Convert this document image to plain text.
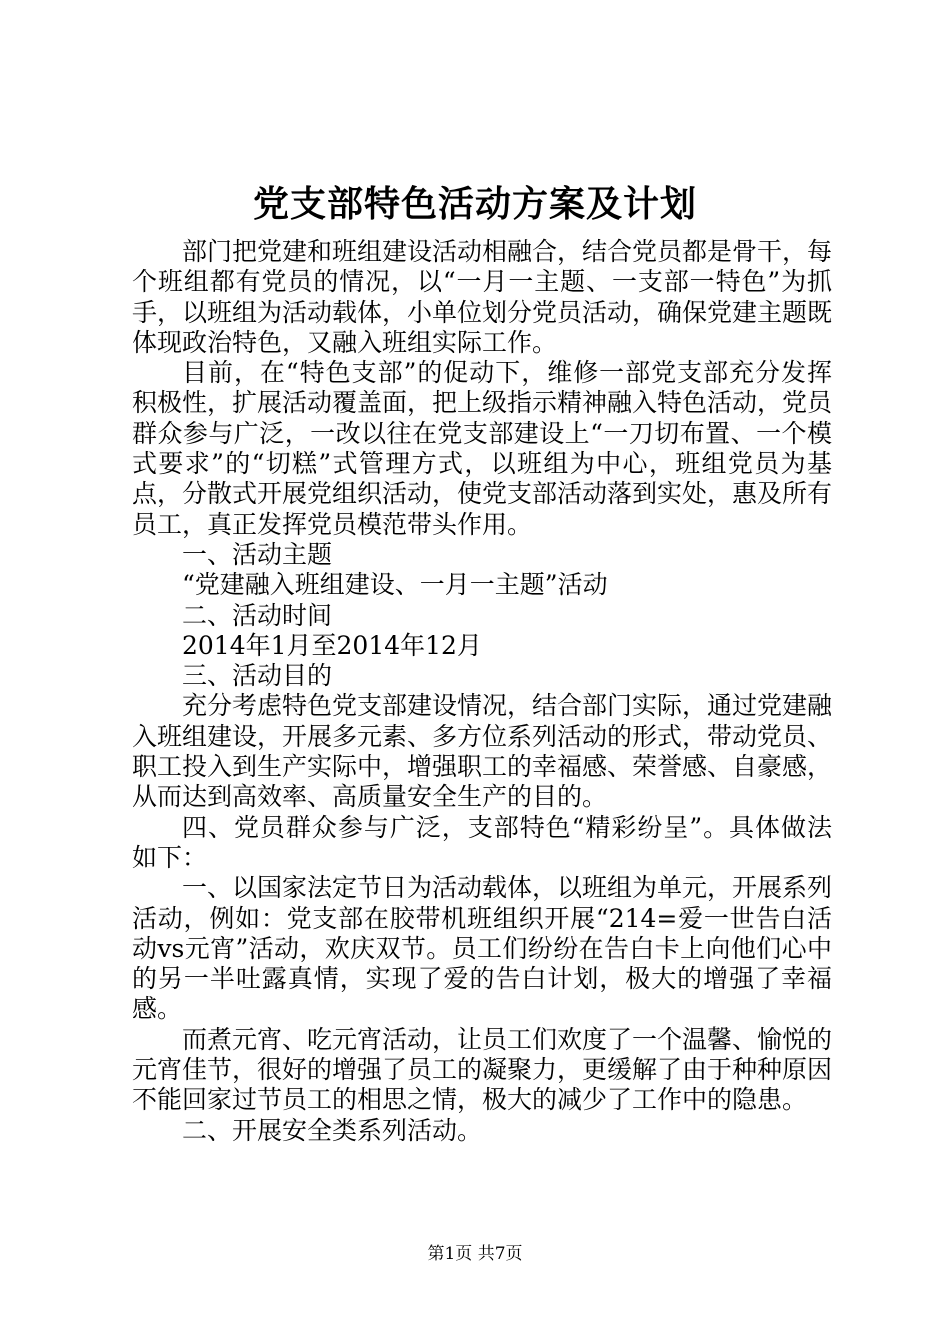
党支部特色活动方案及计划

部门把党建和班组建设活动相融合，结合党员都是骨干，每个班组都有党员的情况，以“一月一主题、一支部一特色”为抓手，以班组为活动载体，小单位划分党员活动，确保党建主题既体现政治特色，又融入班组实际工作。

目前，在“特色支部”的促动下，维修一部党支部充分发挥积极性，扩展活动覆盖面，把上级指示精神融入特色活动，党员群众参与广泛，一改以往在党支部建设上“一刀切布置、一个模式要求”的“切糕”式管理方式，以班组为中心，班组党员为基点，分散式开展党组织活动，使党支部活动落到实处，惠及所有员工，真正发挥党员模范带头作用。

一、活动主题

“党建融入班组建设、一月一主题”活动

二、活动时间

2014年1月至2014年12月

三、活动目的

充分考虑特色党支部建设情况，结合部门实际，通过党建融入班组建设，开展多元素、多方位系列活动的形式，带动党员、职工投入到生产实际中，增强职工的幸福感、荣誉感、自豪感，从而达到高效率、高质量安全生产的目的。

四、党员群众参与广泛，支部特色“精彩纷呈”。具体做法如下：

一、以国家法定节日为活动载体，以班组为单元，开展系列活动，例如：党支部在胶带机班组织开展“214=爱一世告白活动vs元宵”活动，欢庆双节。员工们纷纷在告白卡上向他们心中的另一半吐露真情，实现了爱的告白计划，极大的增强了幸福感。

而煮元宵、吃元宵活动，让员工们欢度了一个温馨、愉悦的元宵佳节，很好的增强了员工的凝聚力，更缓解了由于种种原因不能回家过节员工的相思之情，极大的减少了工作中的隐患。

二、开展安全类系列活动。

第1页 共7页
